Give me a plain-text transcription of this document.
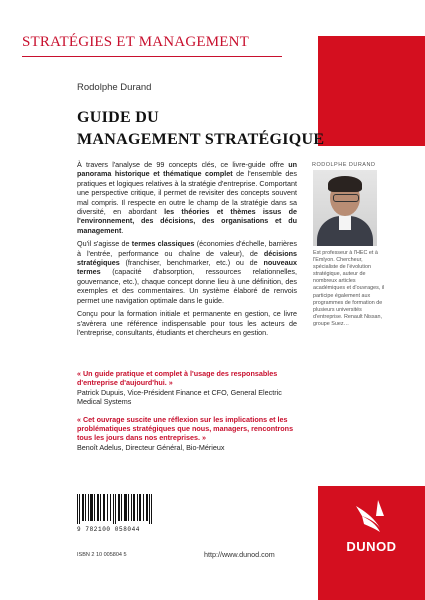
STRATÉGIES ET MANAGEMENT
Rodolphe Durand
GUIDE DU
MANAGEMENT STRATÉGIQUE

À travers l'analyse de 99 concepts clés, ce livre-guide offre un panorama historique et thématique complet de l'ensemble des pratiques et logiques relatives à la stratégie d'entreprise. Comportant une perspective critique, il permet de revisiter des concepts souvent mal compris. Il respecte en outre le champ de la stratégie dans sa diversité, en abordant les théories et thèmes issus de l'environnement, des décisions, des organisations et du management.

Qu'il s'agisse de termes classiques (économies d'échelle, barrières à l'entrée, performance ou chaîne de valeur), de décisions stratégiques (franchiser, benchmarker, etc.) ou de nouveaux termes (capacité d'absorption, ressources relationnelles, gouvernance, etc.), chaque concept donne lieu à une définition, des exemples et des commentaires. Un système élaboré de renvois permet une navigation optimale dans le guide.

Conçu pour la formation initiale et permanente en gestion, ce livre s'avèrera une référence indispensable pour tous les acteurs de l'entreprise, consultants, étudiants et chercheurs en gestion.

« Un guide pratique et complet à l'usage des responsables d'entreprise d'aujourd'hui. »
Patrick Dupuis, Vice-Président Finance et CFO, General Electric Medical Systems
« Cet ouvrage suscite une réflexion sur les implications et les problématiques stratégiques que nous, managers, rencontrons tous les jours dans nos entreprises. »
Benoît Adelus, Directeur Général, Bio-Mérieux
RODOLPHE DURAND
Est professeur à l'HEC et à l'Emlyon. Chercheur, spécialiste de l'évolution stratégique, auteur de nombreux articles académiques et d'ouvrages, il participe également aux programmes de formation de plusieurs universités d'entreprise. Renault Nissan, groupe Suez…
9 782100 058044
ISBN 2 10 005804 5	http://www.dunod.com
DUNOD
